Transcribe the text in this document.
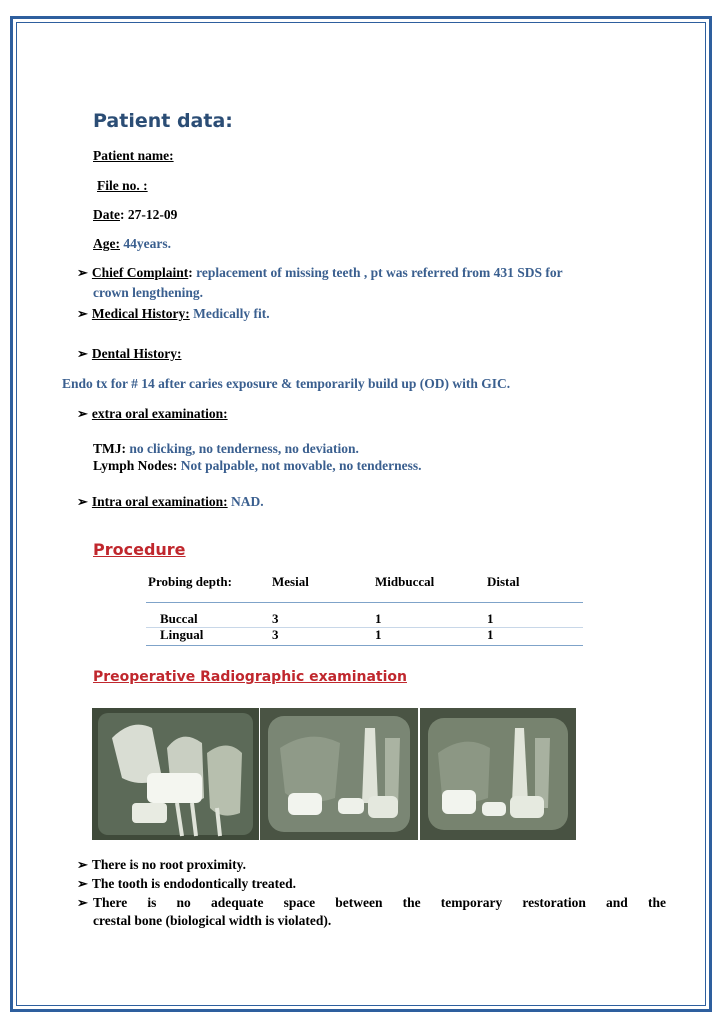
Patient data:
Patient name:
File no. :
Date: 27-12-09
Age: 44years.
➢ Chief Complaint: replacement of missing teeth , pt was referred from 431 SDS for
crown lengthening.
➢ Medical History: Medically fit.
➢ Dental History:
Endo tx for # 14 after caries exposure & temporarily build up (OD) with GIC.
➢ extra oral examination:
TMJ: no clicking, no tenderness, no deviation.
Lymph Nodes: Not palpable, not movable, no tenderness.
➢ Intra oral examination: NAD.
Procedure
Probing depth:	Mesial	Midbuccal	Distal
Buccal	3	1	1
Lingual	3	1	1
Preoperative Radiographic examination
➢ There is no root proximity.
➢ The tooth is endodontically treated.
➢ There is no adequate space between the temporary restoration and the
crestal bone (biological width is violated).
